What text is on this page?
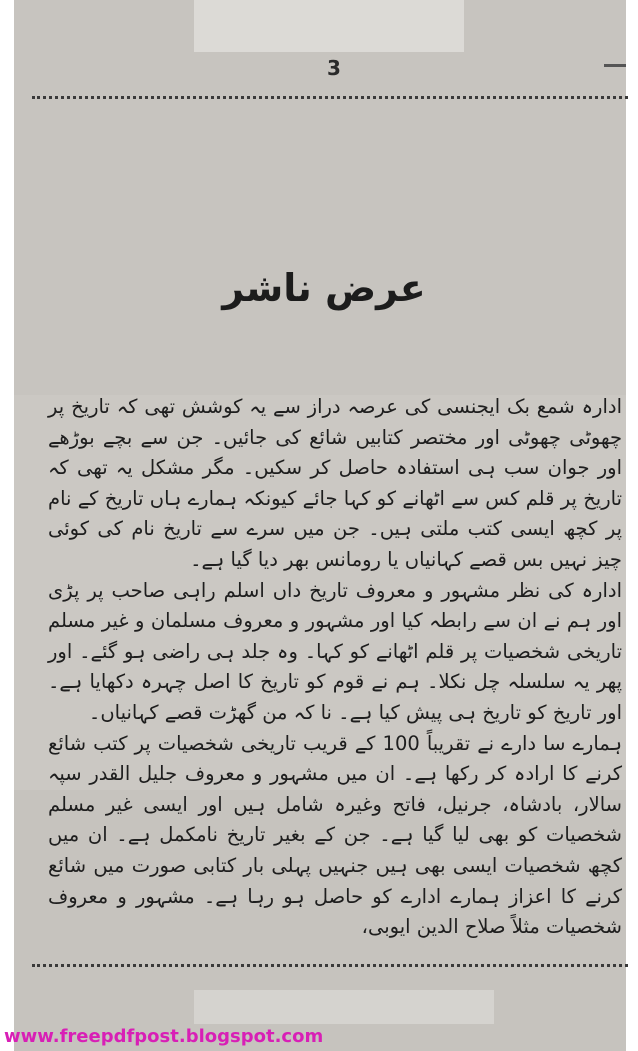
3
عرض ناشر

ادارہ شمع بک ایجنسی کی عرصہ دراز سے یہ کوشش تھی کہ تاریخ پر چھوٹی چھوٹی اور مختصر کتابیں شائع کی جائیں۔ جن سے بچے بوڑھے اور جوان سب ہی استفادہ حاصل کر سکیں۔ مگر مشکل یہ تھی کہ تاریخ پر قلم کس سے اٹھانے کو کہا جائے کیونکہ ہمارے ہاں تاریخ کے نام پر کچھ ایسی کتب ملتی ہیں۔ جن میں سرے سے تاریخ نام کی کوئی چیز نہیں بس قصے کہانیاں یا رومانس بھر دیا گیا ہے۔

ادارہ کی نظر مشہور و معروف تاریخ داں اسلم راہی صاحب پر پڑی اور ہم نے ان سے رابطہ کیا اور مشہور و معروف مسلمان و غیر مسلم تاریخی شخصیات پر قلم اٹھانے کو کہا۔ وہ جلد ہی راضی ہو گئے۔ اور پھر یہ سلسلہ چل نکلا۔ ہم نے قوم کو تاریخ کا اصل چہرہ دکھایا ہے۔ اور تاریخ کو تاریخ ہی پیش کیا ہے۔ نا کہ من گھڑت قصے کہانیاں۔

ہمارے سا دارے نے تقریباً 100 کے قریب تاریخی شخصیات پر کتب شائع کرنے کا ارادہ کر رکھا ہے۔ ان میں مشہور و معروف جلیل القدر سپہ سالار، بادشاہ، جرنیل، فاتح وغیرہ شامل ہیں اور ایسی غیر مسلم شخصیات کو بھی لیا گیا ہے۔ جن کے بغیر تاریخ نامکمل ہے۔ ان میں کچھ شخصیات ایسی بھی ہیں جنہیں پہلی بار کتابی صورت میں شائع کرنے کا اعزاز ہمارے ادارے کو حاصل ہو رہا ہے۔ مشہور و معروف شخصیات مثلاً صلاح الدین ایوبی،

www.freepdfpost.blogspot.com
